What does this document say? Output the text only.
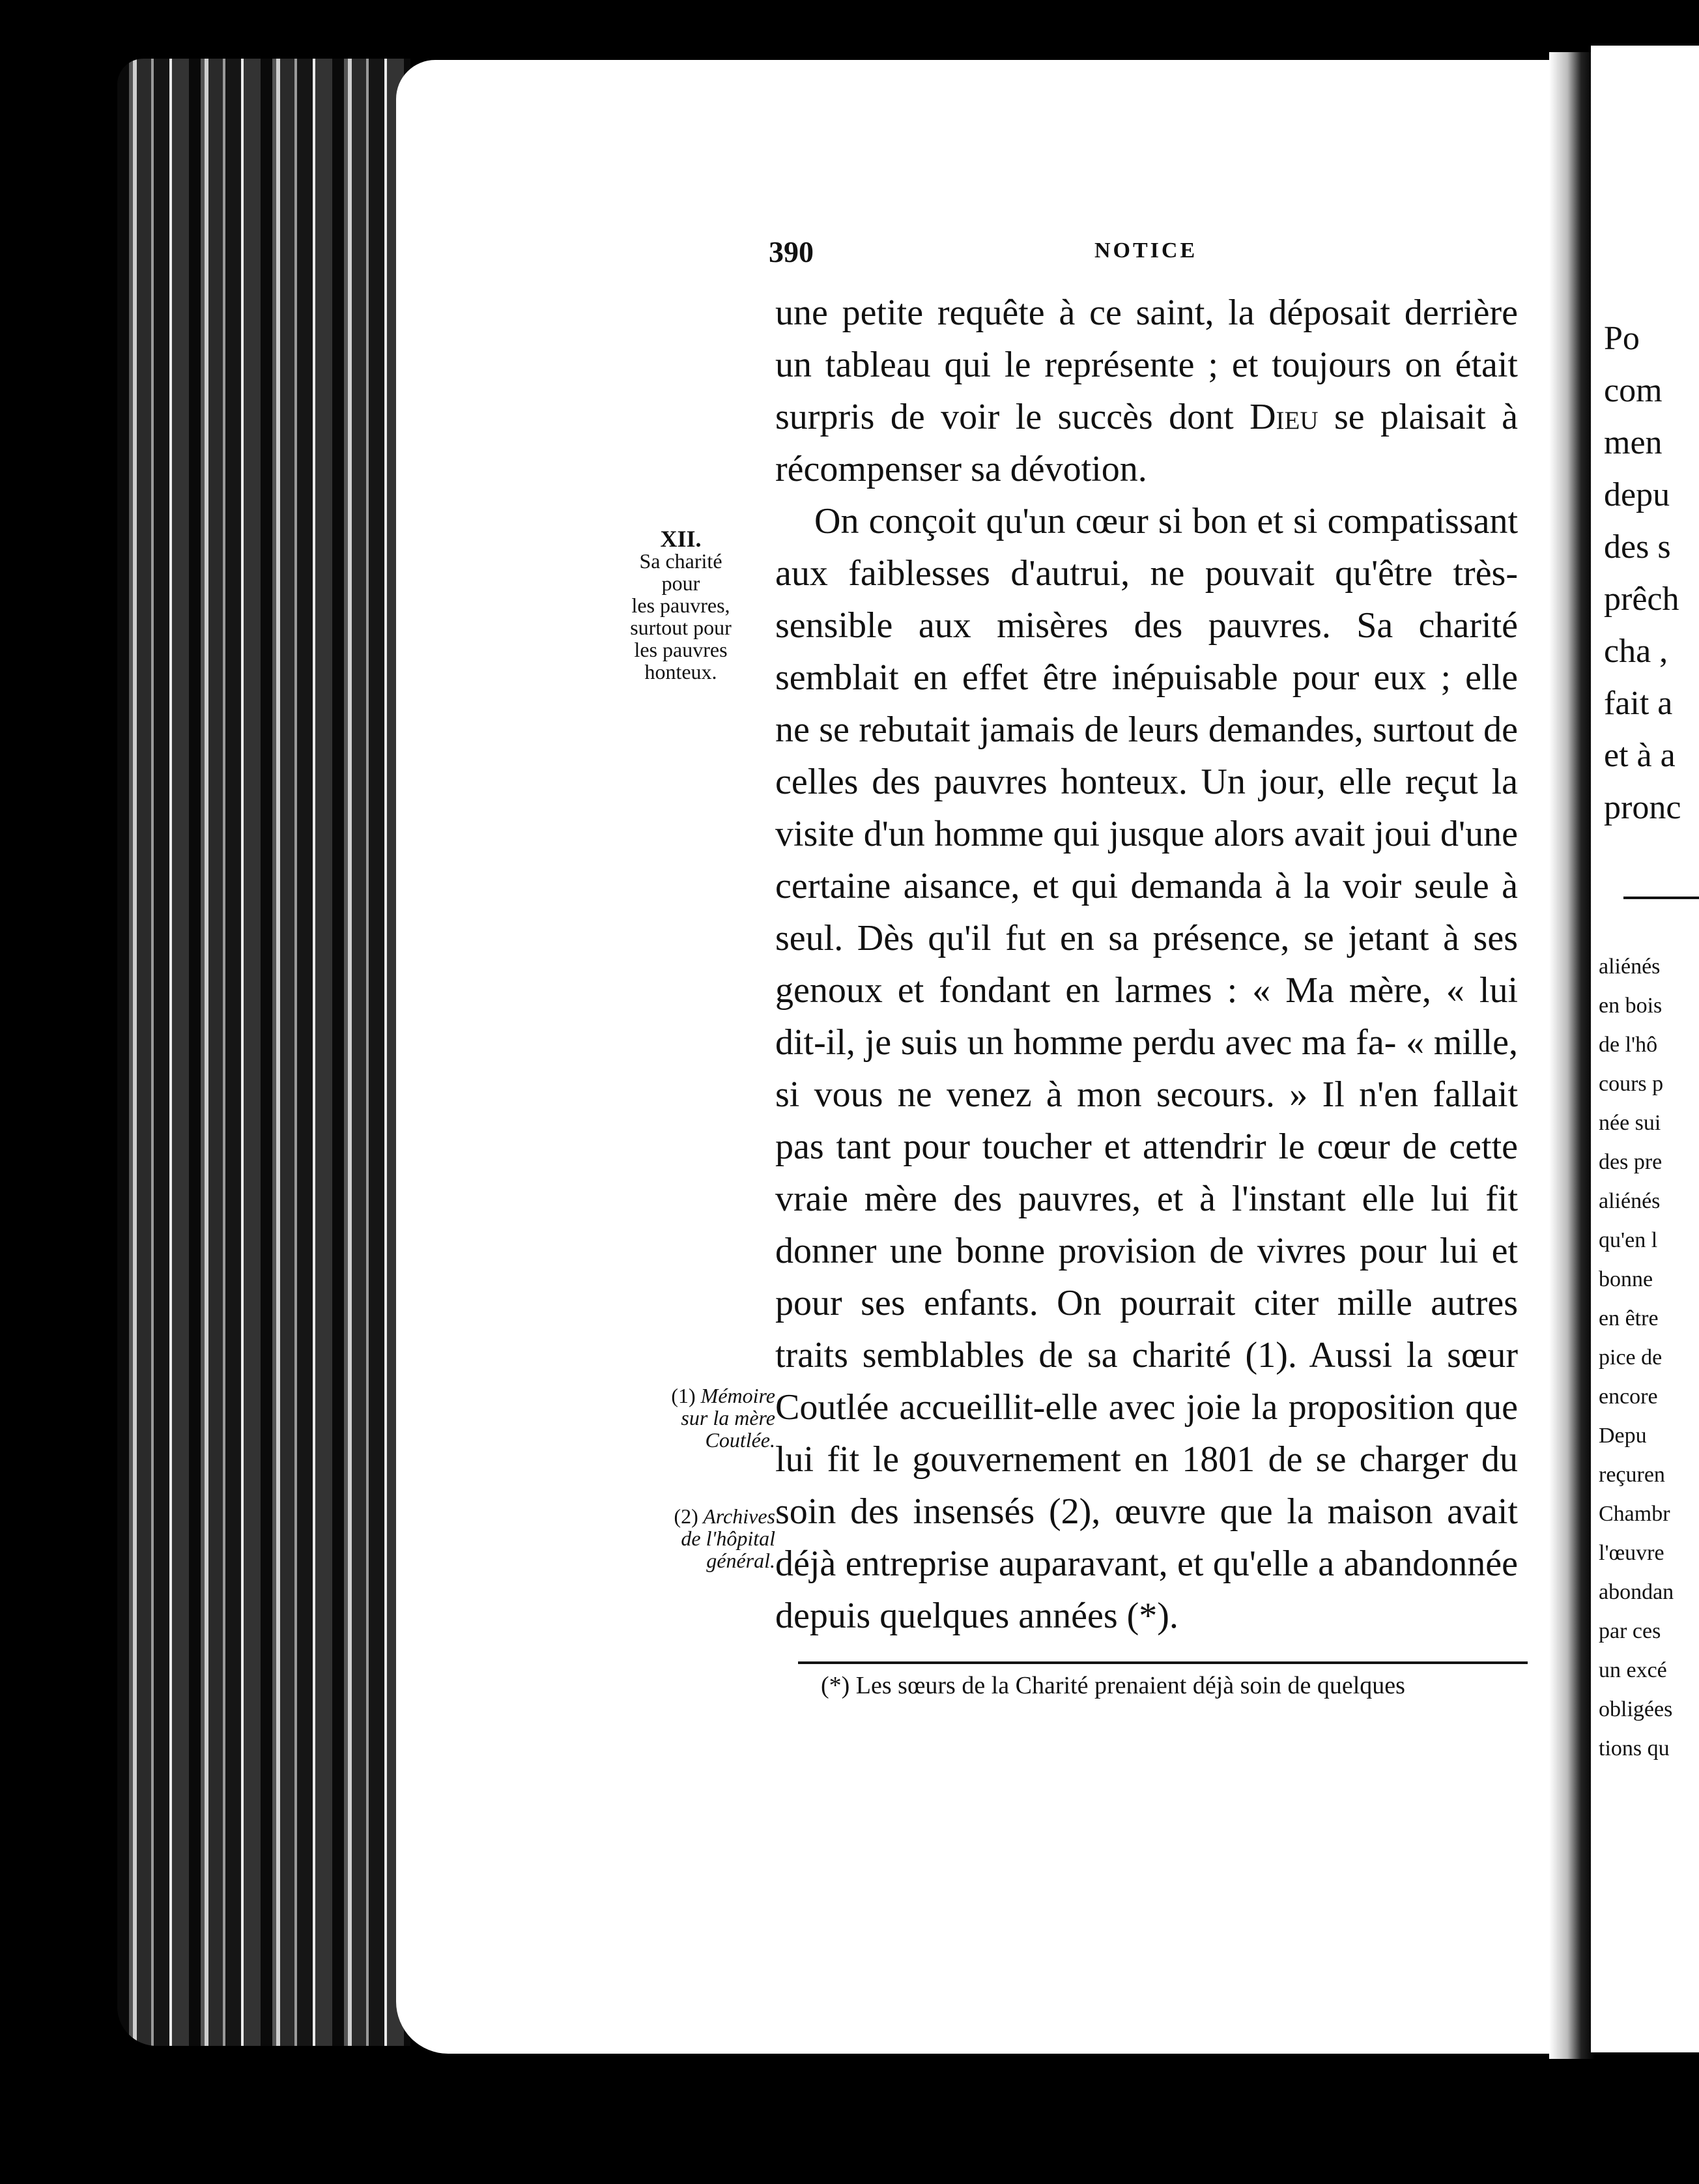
390	NOTICE

une petite requête à ce saint, la déposait derrière un tableau qui le représente ; et toujours on était surpris de voir le succès dont Dieu se plaisait à récompenser sa dévotion.

On conçoit qu'un cœur si bon et si compatissant aux faiblesses d'autrui, ne pouvait qu'être très-sensible aux misères des pauvres. Sa charité semblait en effet être inépuisable pour eux ; elle ne se rebutait jamais de leurs demandes, surtout de celles des pauvres honteux. Un jour, elle reçut la visite d'un homme qui jusque alors avait joui d'une certaine aisance, et qui demanda à la voir seule à seul. Dès qu'il fut en sa présence, se jetant à ses genoux et fondant en larmes : « Ma mère, « lui dit-il, je suis un homme perdu avec ma fa- « mille, si vous ne venez à mon secours. » Il n'en fallait pas tant pour toucher et attendrir le cœur de cette vraie mère des pauvres, et à l'instant elle lui fit donner une bonne provision de vivres pour lui et pour ses enfants. On pourrait citer mille autres traits semblables de sa charité (1). Aussi la sœur Coutlée accueillit-elle avec joie la proposition que lui fit le gouvernement en 1801 de se charger du soin des insensés (2), œuvre que la maison avait déjà entreprise auparavant, et qu'elle a abandonnée depuis quelques années (*).

XII.
Sa charité
pour
les pauvres,
surtout pour
les pauvres
honteux.
(1) Mémoire
sur la mère
Coutlée.
(2) Archives
de l'hôpital
général.
(*) Les sœurs de la Charité prenaient déjà soin de quelques
Po
com
men
depu
des s
prêch
cha ,
fait a
et à a
pronc
aliénés
en bois
de l'hô
cours p
née sui
des pre
aliénés
qu'en l
bonne
en être
pice de
encore
Depu
reçuren
Chambr
l'œuvre
abondan
par ces
un excé
obligées
tions qu
